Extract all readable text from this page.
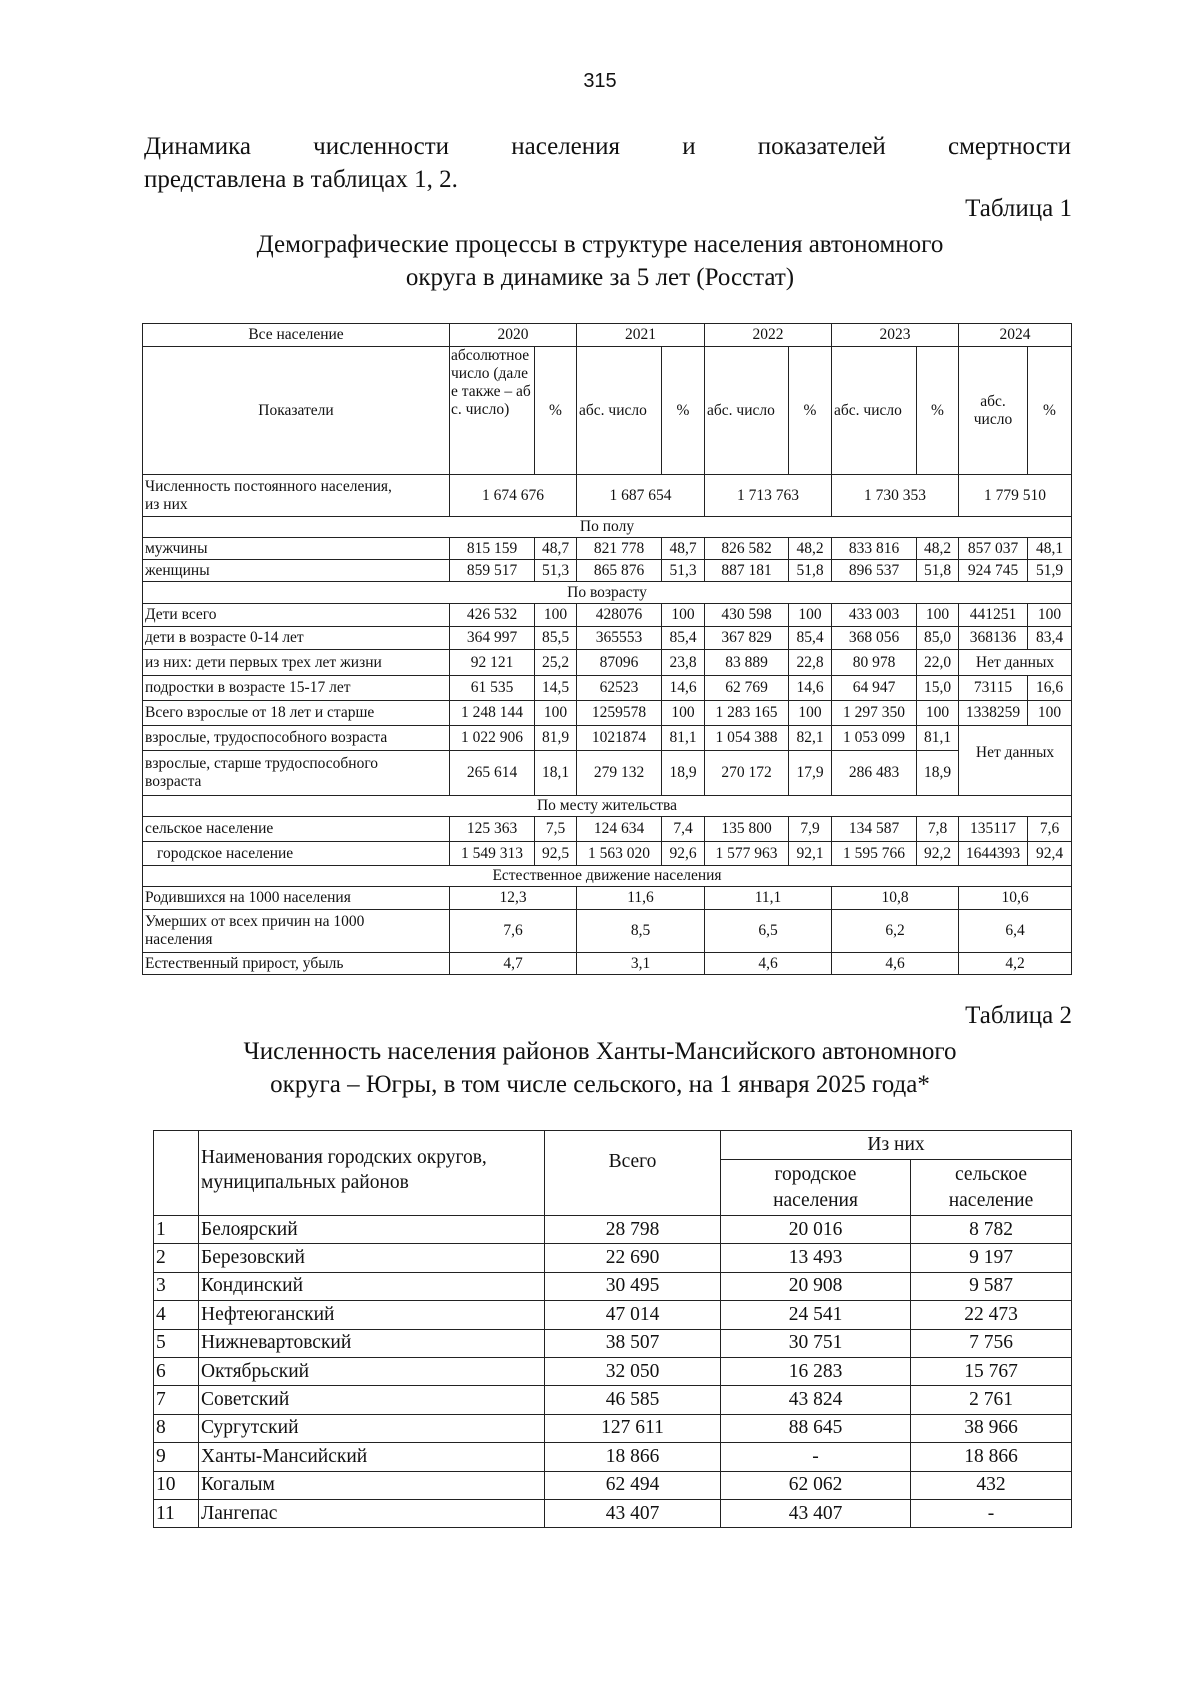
315
Динамика численности населения и показателей смертности
представлена в таблицах 1, 2.
Таблица 1
Демографические процессы в структуре населения автономного
округа в динамике за 5 лет (Росстат)
Все население	2020		2021		2022		2023		2024	
Показатели	абсолютное число (далее также – абс. число)	%	абс. число	%	абс. число	%	абс. число	%	абс. число	%
Численность постоянного населения, из них	1 674 676		1 687 654		1 713 763		1 730 353		1 779 510	
По полу										
мужчины	815 159	48,7	821 778	48,7	826 582	48,2	833 816	48,2	857 037	48,1
женщины	859 517	51,3	865 876	51,3	887 181	51,8	896 537	51,8	924 745	51,9
По возрасту										
Дети всего	426 532	100	428076	100	430 598	100	433 003	100	441251	100
дети в возрасте 0-14 лет	364 997	85,5	365553	85,4	367 829	85,4	368 056	85,0	368136	83,4
из них: дети первых трех лет жизни	92 121	25,2	87096	23,8	83 889	22,8	80 978	22,0	Нет данных	
подростки в возрасте 15-17 лет	61 535	14,5	62523	14,6	62 769	14,6	64 947	15,0	73115	16,6
Всего взрослые от 18 лет и старше	1 248 144	100	1259578	100	1 283 165	100	1 297 350	100	1338259	100
взрослые, трудоспособного возраста	1 022 906	81,9	1021874	81,1	1 054 388	82,1	1 053 099	81,1	Нет данных	
взрослые, старше трудоспособного возраста	265 614	18,1	279 132	18,9	270 172	17,9	286 483	18,9		
По месту жительства										
сельское население	125 363	7,5	124 634	7,4	135 800	7,9	134 587	7,8	135117	7,6
городское население	1 549 313	92,5	1 563 020	92,6	1 577 963	92,1	1 595 766	92,2	1644393	92,4
Естественное движение населения										
Родившихся на 1000 населения	12,3		11,6		11,1		10,8		10,6	
Умерших от всех причин на 1000 населения	7,6		8,5		6,5		6,2		6,4	
Естественный прирост, убыль	4,7		3,1		4,6		4,6		4,2	
Таблица 2
Численность населения районов Ханты-Мансийского автономного
округа – Югры, в том числе сельского, на 1 января 2025 года*
	Наименования городских округов, муниципальных районов	Всего	Из них	
			городское населения	сельское население
1	Белоярский	28 798	20 016	8 782
2	Березовский	22 690	13 493	9 197
3	Кондинский	30 495	20 908	9 587
4	Нефтеюганский	47 014	24 541	22 473
5	Нижневартовский	38 507	30 751	7 756
6	Октябрьский	32 050	16 283	15 767
7	Советский	46 585	43 824	2 761
8	Сургутский	127 611	88 645	38 966
9	Ханты-Мансийский	18 866	-	18 866
10	Когалым	62 494	62 062	432
11	Лангепас	43 407	43 407	-
